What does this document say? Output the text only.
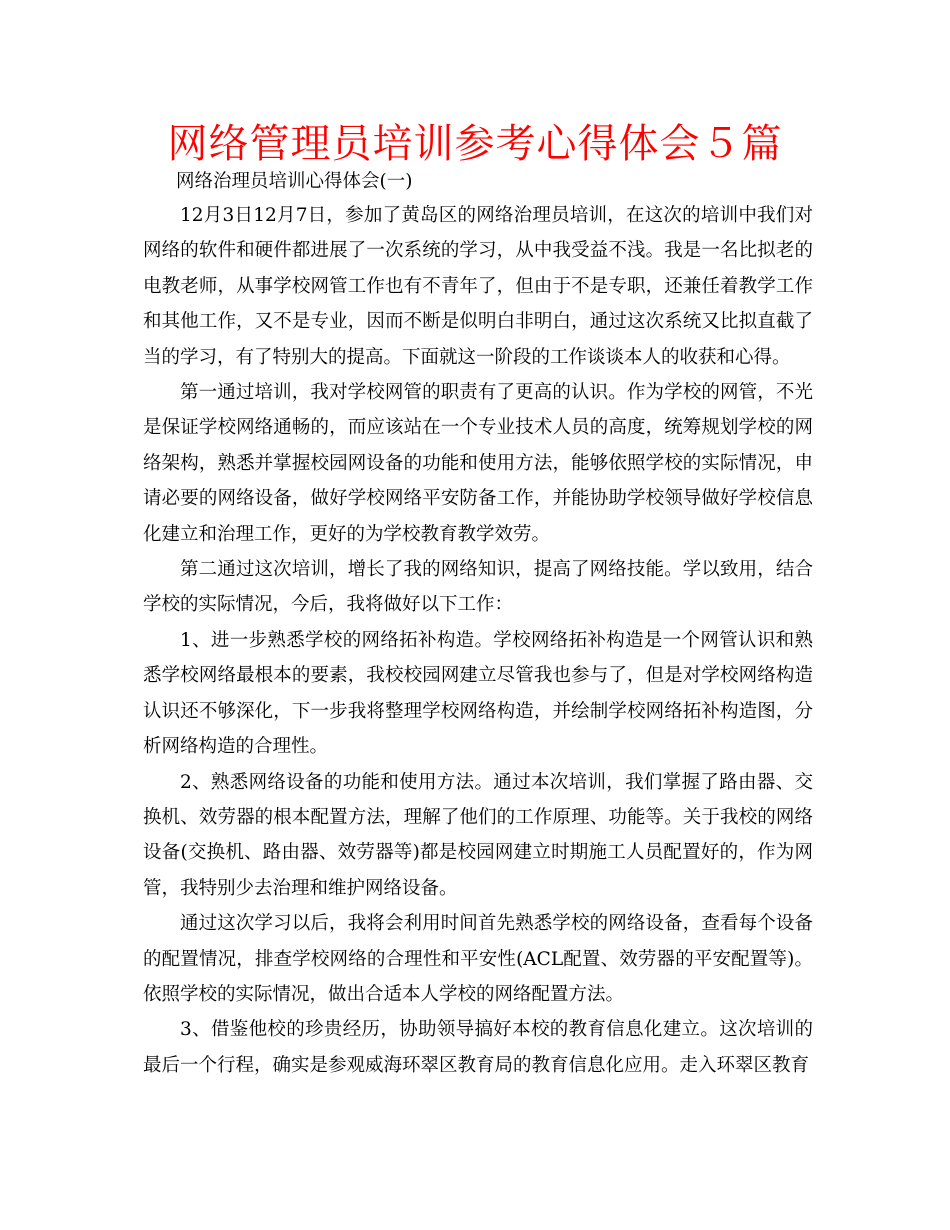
网络管理员培训参考心得体会５篇
网络治理员培训心得体会(一)

12月3日12月7日，参加了黄岛区的网络治理员培训，在这次的培训中我们对网络的软件和硬件都进展了一次系统的学习，从中我受益不浅。我是一名比拟老的电教老师，从事学校网管工作也有不青年了，但由于不是专职，还兼任着教学工作和其他工作，又不是专业，因而不断是似明白非明白，通过这次系统又比拟直截了当的学习，有了特别大的提高。下面就这一阶段的工作谈谈本人的收获和心得。

第一通过培训，我对学校网管的职责有了更高的认识。作为学校的网管，不光是保证学校网络通畅的，而应该站在一个专业技术人员的高度，统筹规划学校的网络架构，熟悉并掌握校园网设备的功能和使用方法，能够依照学校的实际情况，申请必要的网络设备，做好学校网络平安防备工作，并能协助学校领导做好学校信息化建立和治理工作，更好的为学校教育教学效劳。

第二通过这次培训，增长了我的网络知识，提高了网络技能。学以致用，结合学校的实际情况，今后，我将做好以下工作：

1、进一步熟悉学校的网络拓补构造。学校网络拓补构造是一个网管认识和熟悉学校网络最根本的要素，我校校园网建立尽管我也参与了，但是对学校网络构造认识还不够深化，下一步我将整理学校网络构造，并绘制学校网络拓补构造图，分析网络构造的合理性。

2、熟悉网络设备的功能和使用方法。通过本次培训，我们掌握了路由器、交换机、效劳器的根本配置方法，理解了他们的工作原理、功能等。关于我校的网络设备(交换机、路由器、效劳器等)都是校园网建立时期施工人员配置好的，作为网管，我特别少去治理和维护网络设备。

通过这次学习以后，我将会利用时间首先熟悉学校的网络设备，查看每个设备的配置情况，排查学校网络的合理性和平安性(ACL配置、效劳器的平安配置等)。依照学校的实际情况，做出合适本人学校的网络配置方法。

3、借鉴他校的珍贵经历，协助领导搞好本校的教育信息化建立。这次培训的最后一个行程，确实是参观威海环翠区教育局的教育信息化应用。走入环翠区教育
